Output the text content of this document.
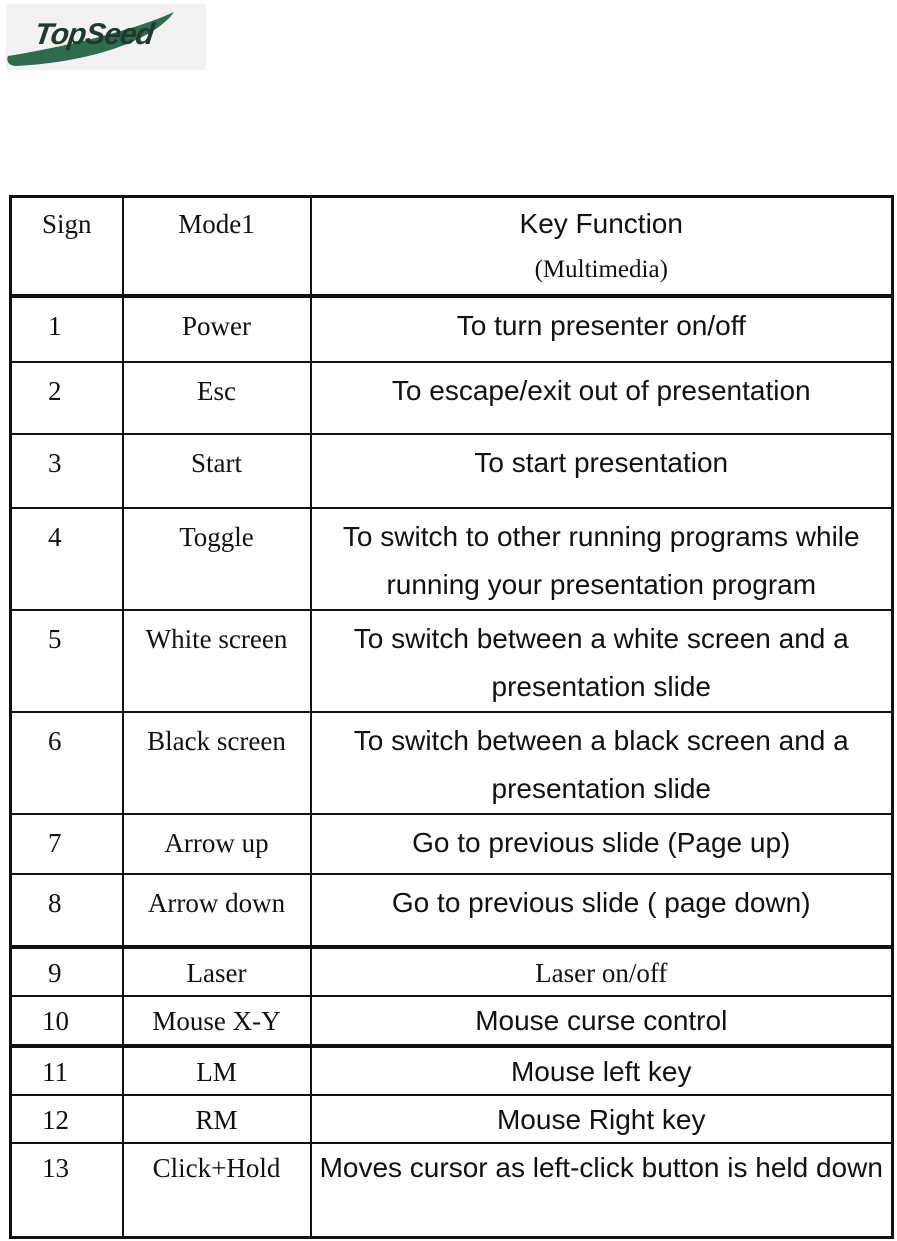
TopSeed
Sign	Mode1	Key Function
(Multimedia)

1	Power	To turn presenter on/off

2	Esc	To escape/exit out of presentation

3	Start	To start presentation

4	Toggle	To switch to other running programs while running your presentation program

5	White screen	To switch between a white screen and a presentation slide

6	Black screen	To switch between a black screen and a presentation slide

7	Arrow up	Go to previous slide (Page up)

8	Arrow down	Go to previous slide ( page down)

9	Laser	Laser on/off

10	Mouse X-Y	Mouse curse control

11	LM	Mouse left key

12	RM	Mouse Right key

13	Click+Hold	Moves cursor as left-click button is held down
